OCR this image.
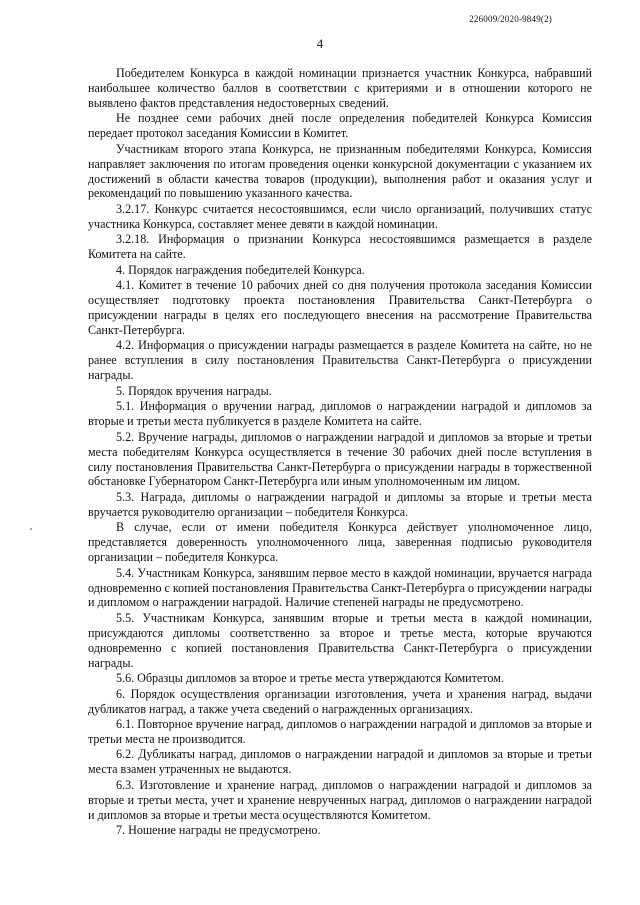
226009/2020-9849(2)
4

Победителем Конкурса в каждой номинации признается участник Конкурса, набравший наибольшее количество баллов в соответствии с критериями и в отношении которого не выявлено фактов представления недостоверных сведений.

Не позднее семи рабочих дней после определения победителей Конкурса Комиссия передает протокол заседания Комиссии в Комитет.

Участникам второго этапа Конкурса, не признанным победителями Конкурса, Комиссия направляет заключения по итогам проведения оценки конкурсной документации с указанием их достижений в области качества товаров (продукции), выполнения работ и оказания услуг и рекомендаций по повышению указанного качества.

3.2.17. Конкурс считается несостоявшимся, если число организаций, получивших статус участника Конкурса, составляет менее девяти в каждой номинации.

3.2.18. Информация о признании Конкурса несостоявшимся размещается в разделе Комитета на сайте.

4. Порядок награждения победителей Конкурса.

4.1. Комитет в течение 10 рабочих дней со дня получения протокола заседания Комиссии осуществляет подготовку проекта постановления Правительства Санкт-Петербурга о присуждении награды в целях его последующего внесения на рассмотрение Правительства Санкт-Петербурга.

4.2. Информация о присуждении награды размещается в разделе Комитета на сайте, но не ранее вступления в силу постановления Правительства Санкт-Петербурга о присуждении награды.

5. Порядок вручения награды.

5.1. Информация о вручении наград, дипломов о награждении наградой и дипломов за вторые и третьи места публикуется в разделе Комитета на сайте.

5.2. Вручение награды, дипломов о награждении наградой и дипломов за вторые и третьи места победителям Конкурса осуществляется в течение 30 рабочих дней после вступления в силу постановления Правительства Санкт-Петербурга о присуждении награды в торжественной обстановке Губернатором Санкт-Петербурга или иным уполномоченным им лицом.

5.3. Награда, дипломы о награждении наградой и дипломы за вторые и третьи места вручается руководителю организации – победителя Конкурса.

В случае, если от имени победителя Конкурса действует уполномоченное лицо, представляется доверенность уполномоченного лица, заверенная подписью руководителя организации – победителя Конкурса.

5.4. Участникам Конкурса, занявшим первое место в каждой номинации, вручается награда одновременно с копией постановления Правительства Санкт-Петербурга о присуждении награды и дипломом о награждении наградой. Наличие степеней награды не предусмотрено.

5.5. Участникам Конкурса, занявшим вторые и третьи места в каждой номинации, присуждаются дипломы соответственно за второе и третье места, которые вручаются одновременно с копией постановления Правительства Санкт-Петербурга о присуждении награды.

5.6. Образцы дипломов за второе и третье места утверждаются Комитетом.

6. Порядок осуществления организации изготовления, учета и хранения наград, выдачи дубликатов наград, а также учета сведений о награжденных организациях.

6.1. Повторное вручение наград, дипломов о награждении наградой и дипломов за вторые и третьи места не производится.

6.2. Дубликаты наград, дипломов о награждении наградой и дипломов за вторые и третьи места взамен утраченных не выдаются.

6.3. Изготовление и хранение наград, дипломов о награждении наградой и дипломов за вторые и третьи места, учет и хранение неврученных наград, дипломов о награждении наградой и дипломов за вторые и третьи места осуществляются Комитетом.

7. Ношение награды не предусмотрено.
